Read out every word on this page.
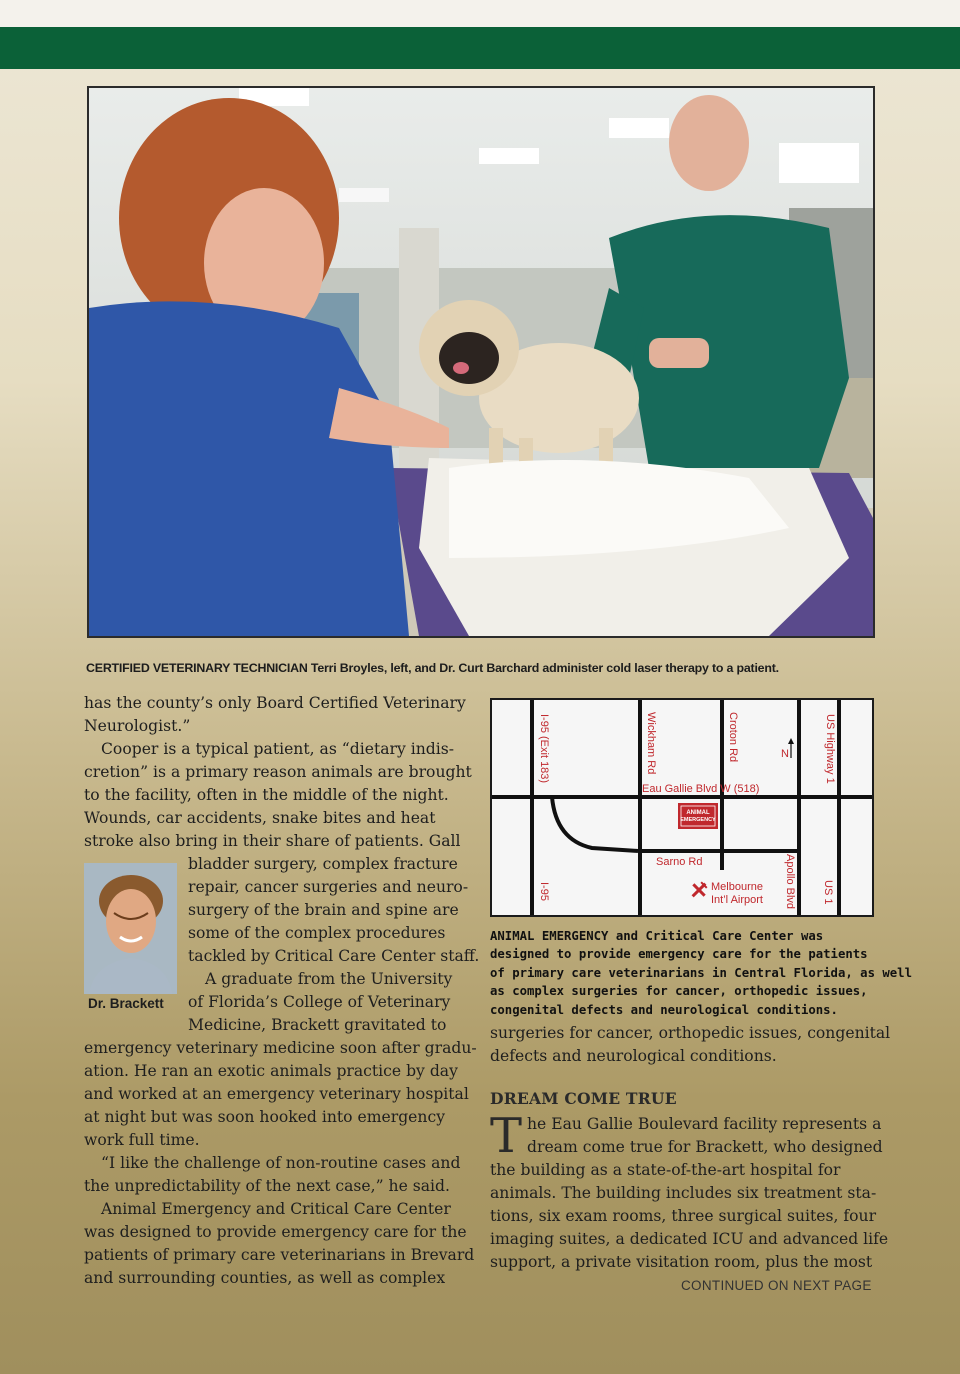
CERTIFIED VETERINARY TECHNICIAN Terri Broyles, left, and Dr. Curt Barchard administer cold laser therapy to a patient.
has the county’s only Board Certified Veterinary
Neurologist.”
Cooper is a typical patient, as “dietary indis-
cretion” is a primary reason animals are brought
to the facility, often in the middle of the night.
Wounds, car accidents, snake bites and heat
stroke also bring in their share of patients. Gall
bladder surgery, complex fracture
repair, cancer surgeries and neuro-
surgery of the brain and spine are
some of the complex procedures
tackled by Critical Care Center staff.
A graduate from the University
of Florida’s College of Veterinary
Medicine, Brackett gravitated to
emergency veterinary medicine soon after gradu-
ation. He ran an exotic animals practice by day
and worked at an emergency veterinary hospital
at night but was soon hooked into emergency
work full time.
“I like the challenge of non-routine cases and
the unpredictability of the next case,” he said.
Animal Emergency and Critical Care Center
was designed to provide emergency care for the
patients of primary care veterinarians in Brevard
and surrounding counties, as well as complex
Dr. Brackett
I-95 (Exit 183)	Wickham Rd	Croton Rd	US Highway 1
N
Eau Gallie Blvd W (518)
Sarno Rd	Apollo Blvd
I-95	US 1
ANIMAL
EMERGENCY
Melbourne
Int’l Airport
ANIMAL EMERGENCY and Critical Care Center was
designed to provide emergency care for the patients
of primary care veterinarians in Central Florida, as well
as complex surgeries for cancer, orthopedic issues,
congenital defects and neurological conditions.
surgeries for cancer, orthopedic issues, congenital
defects and neurological conditions.
DREAM COME TRUE
T he Eau Gallie Boulevard facility represents a
dream come true for Brackett, who designed
the building as a state-of-the-art hospital for
animals. The building includes six treatment sta-
tions, six exam rooms, three surgical suites, four
imaging suites, a dedicated ICU and advanced life
support, a private visitation room, plus the most
CONTINUED ON NEXT PAGE
